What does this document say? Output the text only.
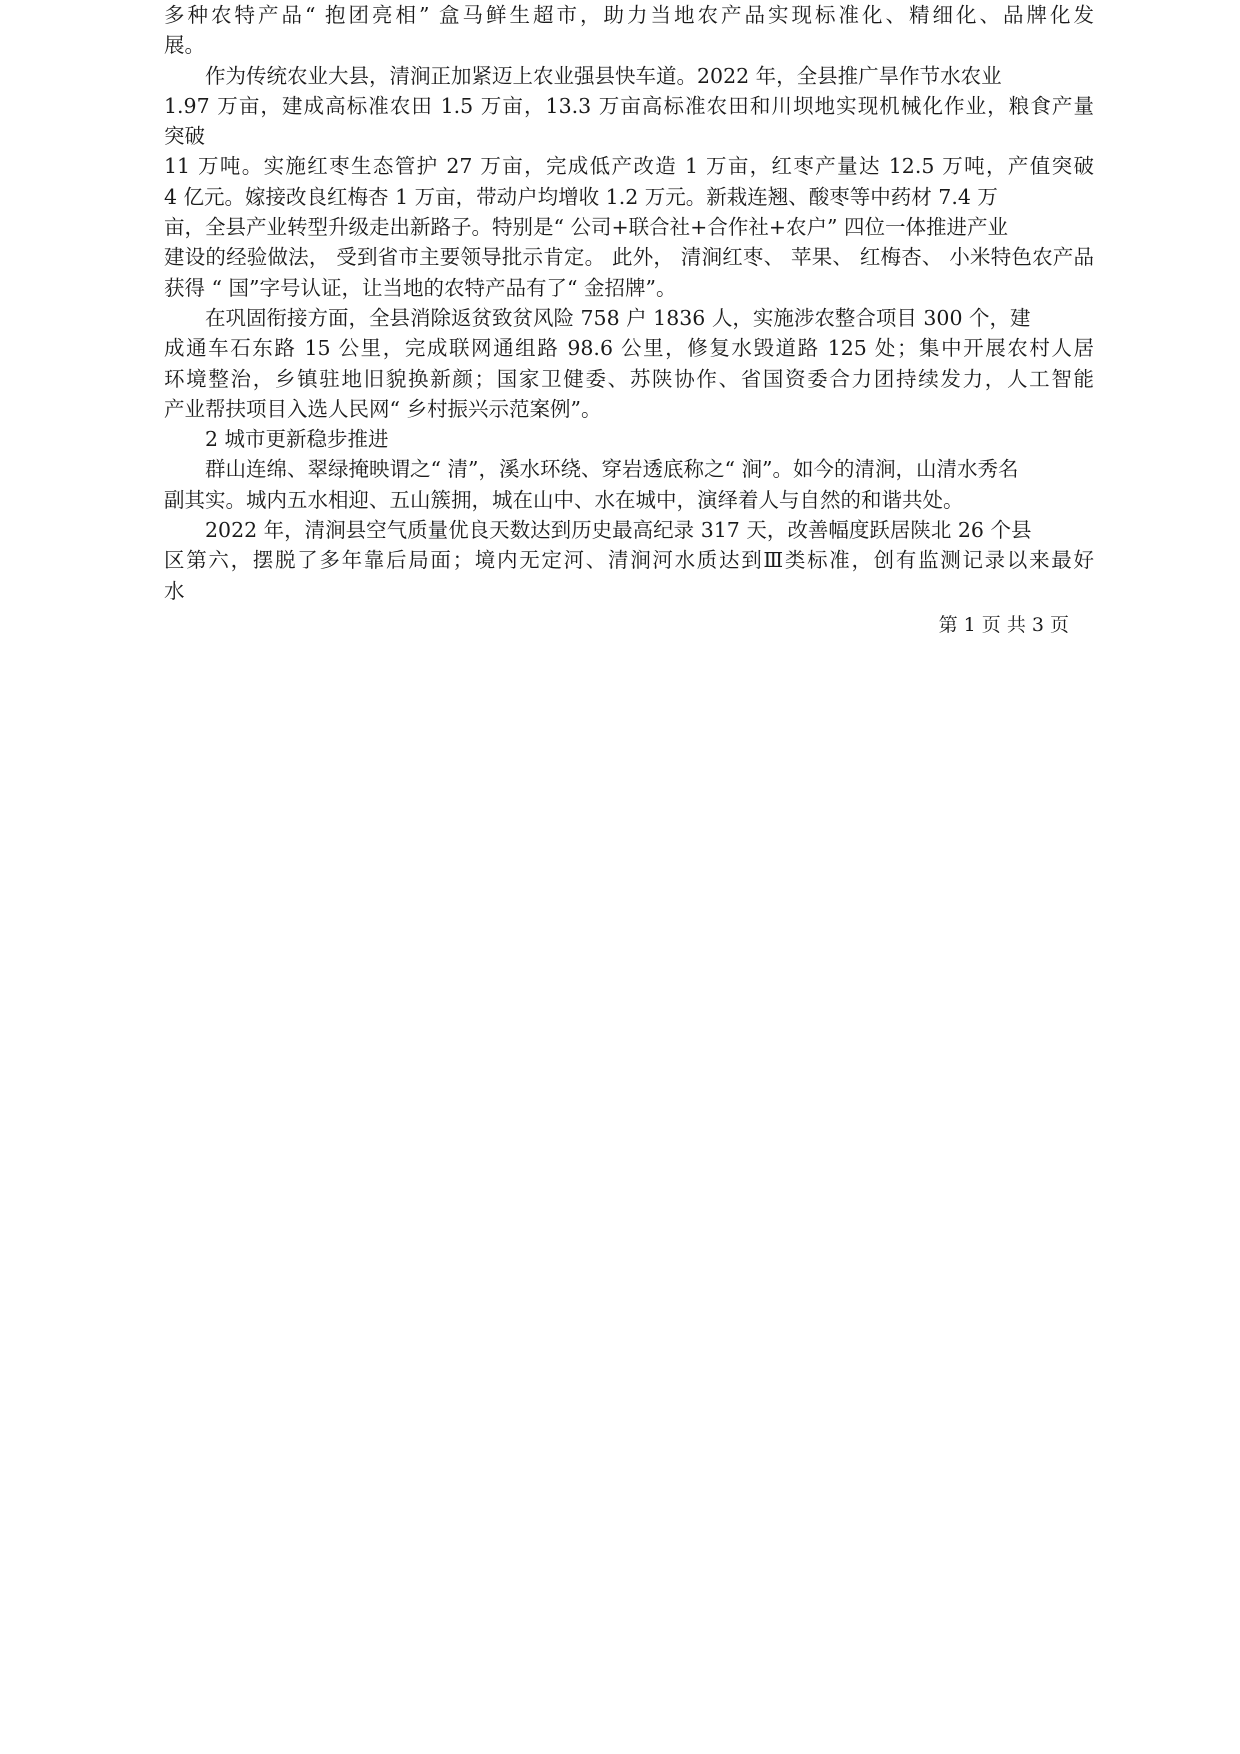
多种农特产品“ 抱团亮相” 盒马鲜生超市，助力当地农产品实现标准化、精细化、品牌化发
展。
作为传统农业大县，清涧正加紧迈上农业强县快车道。2022 年，全县推广旱作节水农业
1.97 万亩，建成高标准农田 1.5 万亩，13.3 万亩高标准农田和川坝地实现机械化作业，粮食产量
突破
11 万吨。实施红枣生态管护 27 万亩，完成低产改造 1 万亩，红枣产量达 12.5 万吨，产值突破
4 亿元。嫁接改良红梅杏 1 万亩，带动户均增收 1.2 万元。新栽连翘、酸枣等中药材 7.4 万
亩，全县产业转型升级走出新路子。特别是“ 公司+联合社+合作社+农户” 四位一体推进产业
建设的经验做法， 受到省市主要领导批示肯定。 此外， 清涧红枣、 苹果、 红梅杏、 小米特色农产品
获得 “ 国”字号认证，让当地的农特产品有了“ 金招牌”。
在巩固衔接方面，全县消除返贫致贫风险 758 户 1836 人，实施涉农整合项目 300 个，建
成通车石东路 15 公里，完成联网通组路 98.6 公里，修复水毁道路 125 处；集中开展农村人居
环境整治，乡镇驻地旧貌换新颜；国家卫健委、苏陕协作、省国资委合力团持续发力，人工智能
产业帮扶项目入选人民网“ 乡村振兴示范案例”。
2 城市更新稳步推进
群山连绵、翠绿掩映谓之“ 清”，溪水环绕、穿岩透底称之“ 涧”。如今的清涧，山清水秀名
副其实。城内五水相迎、五山簇拥，城在山中、水在城中，演绎着人与自然的和谐共处。
2022 年，清涧县空气质量优良天数达到历史最高纪录 317 天，改善幅度跃居陕北 26 个县
区第六，摆脱了多年靠后局面；境内无定河、清涧河水质达到Ⅲ类标准，创有监测记录以来最好
水
第 1 页 共 3 页
